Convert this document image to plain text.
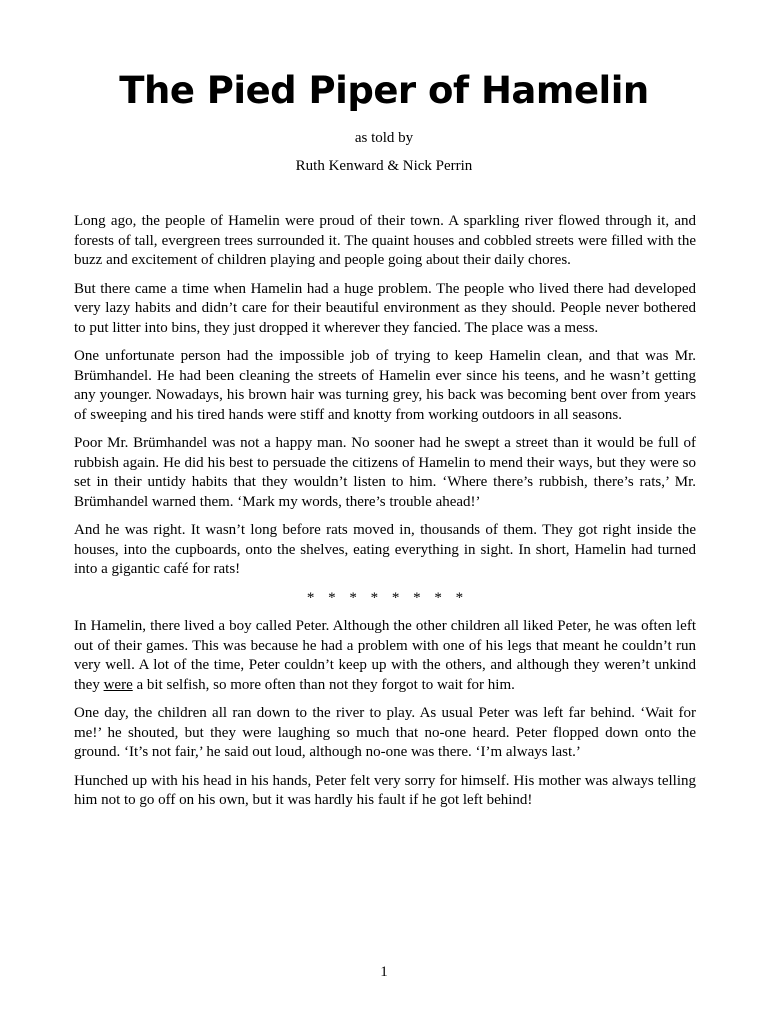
The Pied Piper of Hamelin

as told by

Ruth Kenward & Nick Perrin

Long ago, the people of Hamelin were proud of their town. A sparkling river flowed through it, and forests of tall, evergreen trees surrounded it. The quaint houses and cobbled streets were filled with the buzz and excitement of children playing and people going about their daily chores.

But there came a time when Hamelin had a huge problem. The people who lived there had developed very lazy habits and didn’t care for their beautiful environment as they should. People never bothered to put litter into bins, they just dropped it wherever they fancied. The place was a mess.

One unfortunate person had the impossible job of trying to keep Hamelin clean, and that was Mr. Brümhandel. He had been cleaning the streets of Hamelin ever since his teens, and he wasn’t getting any younger. Nowadays, his brown hair was turning grey, his back was becoming bent over from years of sweeping and his tired hands were stiff and knotty from working outdoors in all seasons.

Poor Mr. Brümhandel was not a happy man. No sooner had he swept a street than it would be full of rubbish again. He did his best to persuade the citizens of Hamelin to mend their ways, but they were so set in their untidy habits that they wouldn’t listen to him. ‘Where there’s rubbish, there’s rats,’ Mr. Brümhandel warned them. ‘Mark my words, there’s trouble ahead!’

And he was right. It wasn’t long before rats moved in, thousands of them. They got right inside the houses, into the cupboards, onto the shelves, eating everything in sight. In short, Hamelin had turned into a gigantic café for rats!

* * * * * * * *

In Hamelin, there lived a boy called Peter. Although the other children all liked Peter, he was often left out of their games. This was because he had a problem with one of his legs that meant he couldn’t run very well. A lot of the time, Peter couldn’t keep up with the others, and although they weren’t unkind they were a bit selfish, so more often than not they forgot to wait for him.

One day, the children all ran down to the river to play. As usual Peter was left far behind. ‘Wait for me!’ he shouted, but they were laughing so much that no-one heard. Peter flopped down onto the ground. ‘It’s not fair,’ he said out loud, although no-one was there. ‘I’m always last.’

Hunched up with his head in his hands, Peter felt very sorry for himself. His mother was always telling him not to go off on his own, but it was hardly his fault if he got left behind!

1
